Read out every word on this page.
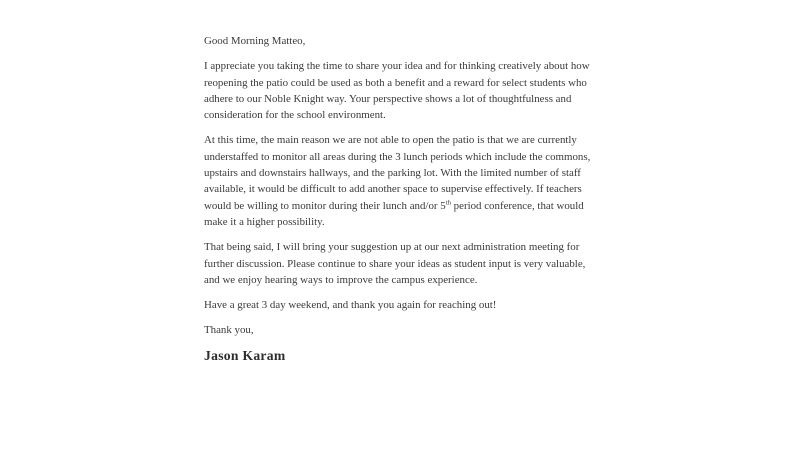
Good Morning Matteo,

I appreciate you taking the time to share your idea and for thinking creatively about how reopening the patio could be used as both a benefit and a reward for select students who adhere to our Noble Knight way. Your perspective shows a lot of thoughtfulness and consideration for the school environment.

At this time, the main reason we are not able to open the patio is that we are currently understaffed to monitor all areas during the 3 lunch periods which include the commons, upstairs and downstairs hallways, and the parking lot. With the limited number of staff available, it would be difficult to add another space to supervise effectively. If teachers would be willing to monitor during their lunch and/or 5th period conference, that would make it a higher possibility.

That being said, I will bring your suggestion up at our next administration meeting for further discussion. Please continue to share your ideas as student input is very valuable, and we enjoy hearing ways to improve the campus experience.

Have a great 3 day weekend, and thank you again for reaching out!

Thank you,

Jason Karam
